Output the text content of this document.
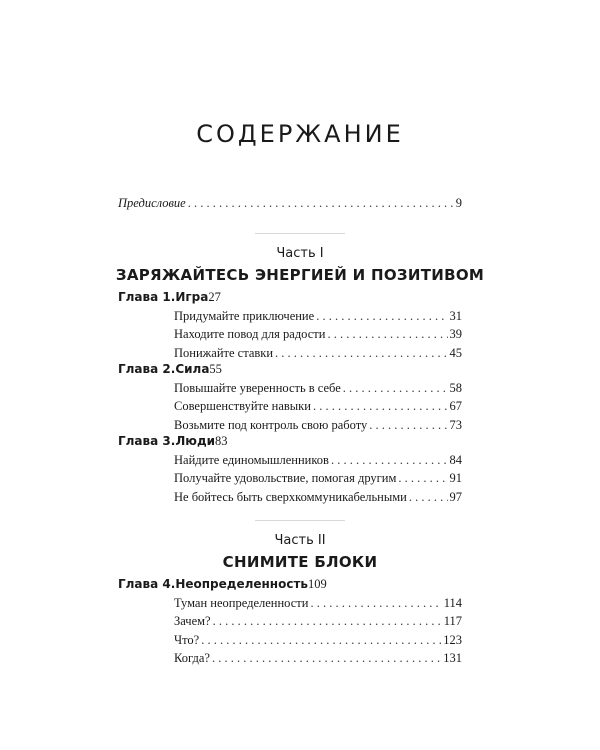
СОДЕРЖАНИЕ
Предисловие . . .	9
Часть I
ЗАРЯЖАЙТЕСЬ ЭНЕРГИЕЙ И ПОЗИТИВОМ
Глава 1. Игра 27
Придумайте приключение . . .	31
Находите повод для радости . . .	39
Понижайте ставки . . .	45
Глава 2. Сила 55
Повышайте уверенность в себе . . .	58
Совершенствуйте навыки . . .	67
Возьмите под контроль свою работу . . .	73
Глава 3. Люди 83
Найдите единомышленников . . .	84
Получайте удовольствие, помогая другим . . .	91
Не бойтесь быть сверхкоммуникабельными . . .	97
Часть II
СНИМИТЕ БЛОКИ
Глава 4. Неопределенность 109
Туман неопределенности . . .	114
Зачем? . . .	117
Что? . . .	123
Когда? . . .	131
